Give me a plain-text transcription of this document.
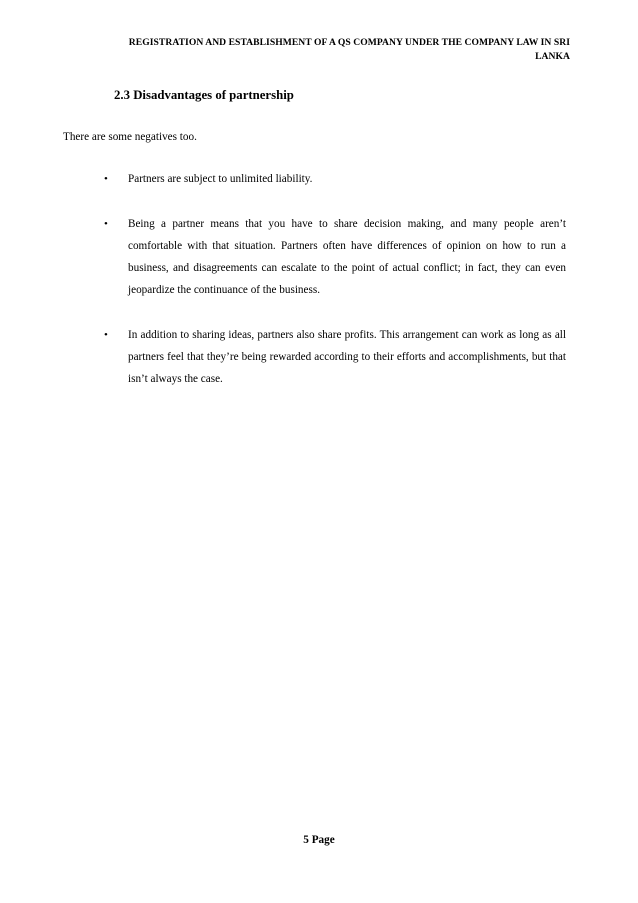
REGISTRATION AND ESTABLISHMENT OF A QS COMPANY UNDER THE COMPANY LAW IN SRI
LANKA
2.3 Disadvantages of partnership
There are some negatives too.
•	Partners are subject to unlimited liability.
•	Being a partner means that you have to share decision making, and many people aren’t comfortable with that situation. Partners often have differences of opinion on how to run a business, and disagreements can escalate to the point of actual conflict; in fact, they can even jeopardize the continuance of the business.
•	In addition to sharing ideas, partners also share profits. This arrangement can work as long as all partners feel that they’re being rewarded according to their efforts and accomplishments, but that isn’t always the case.
5 Page
